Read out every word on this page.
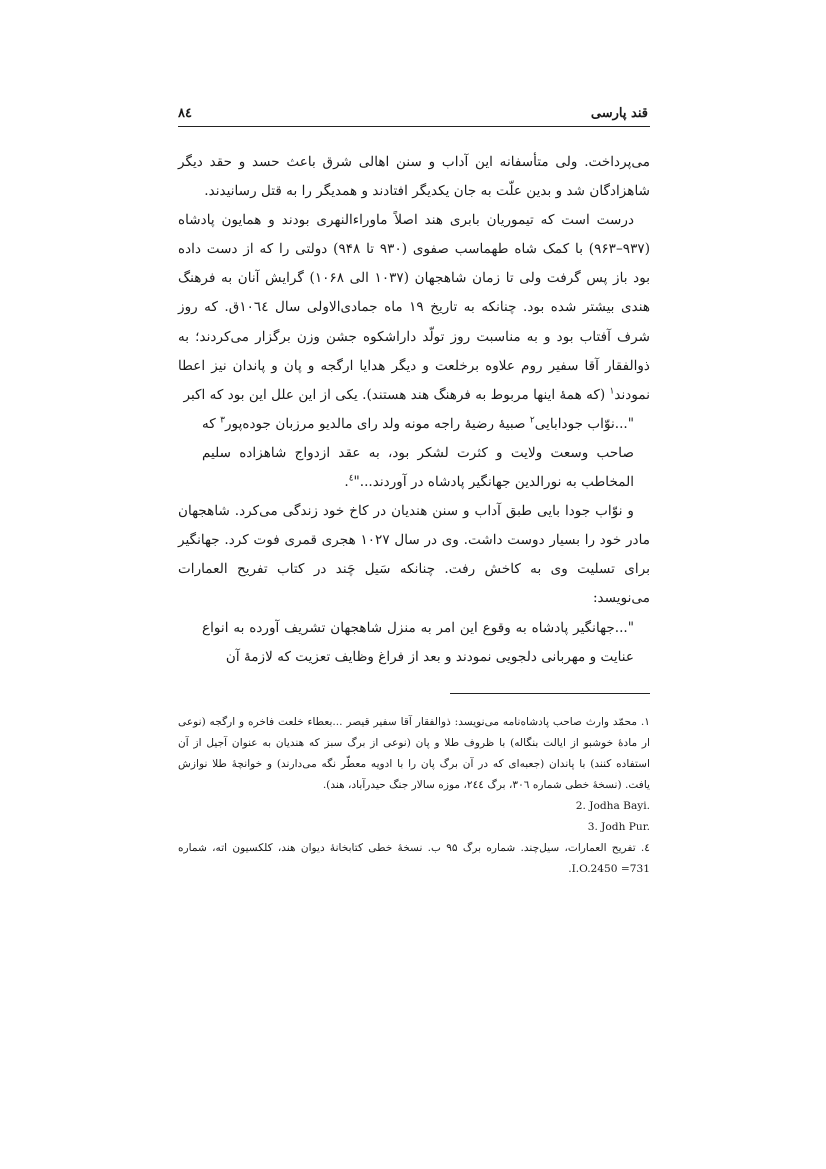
قند پارسی
۸٤

می‌پرداخت. ولی متأسفانه این آداب و سنن اهالی شرق باعث حسد و حقد دیگر شاهزادگان شد و بدین علّت به جان یکدیگر افتادند و همدیگر را به قتل رسانیدند.

درست است که تیموریان بابری هند اصلاً ماوراءالنهری بودند و همایون پادشاه (۹۳۷–۹۶۳) با کمک شاه طهماسب صفوی (۹۳۰ تا ۹۴۸) دولتی را که از دست داده بود باز پس گرفت ولی تا زمان شاهجهان (۱۰۳۷ الی ۱۰۶۸) گرایش آنان به فرهنگ هندی بیشتر شده بود. چنانکه به تاریخ ۱۹ ماه جمادی‌الاولی سال ۱۰٦٤ق. که روز شرف آفتاب بود و به مناسبت روز تولّد داراشکوه جشن وزن برگزار می‌کردند؛ به ذوالفقار آقا سفیر روم علاوه برخلعت و دیگر هدایا ارگجه و پان و پاندان نیز اعطا نمودند$^۱$ (که همهٔ اینها مربوط به فرهنگ هند هستند). یکی از این علل این بود که اکبر

"...نوّاب جودابایی$^۲$ صبیهٔ رضیهٔ راجه مونه ولد رای مالدیو مرزبان جوده‌پور$^۳$ که صاحب وسعت ولایت و کثرت لشکر بود، به عقد ازدواج شاهزاده سلیم المخاطب به نورالدین جهانگیر پادشاه در آوردند..."$^٤$.

و نوّاب جودا بایی طبق آداب و سنن هندیان در کاخ خود زندگی می‌کرد. شاهجهان مادر خود را بسیار دوست داشت. وی در سال ۱۰۲۷ هجری قمری فوت کرد. جهانگیر برای تسلیت وی به کاخش رفت. چنانکه سَیل چَند در کتاب تفریح العمارات می‌نویسد:

"...جهانگیر پادشاه به وقوع این امر به منزل شاهجهان تشریف آورده به انواع عنایت و مهربانی دلجویی نمودند و بعد از فراغ وظایف تعزیت که لازمهٔ آن

۱. محمّد وارث صاحب پادشاه‌نامه می‌نویسد: ذوالفقار آقا سفیر قیصر ...بعطاء خلعت فاخره و ارگجه (نوعی ار مادهٔ خوشبو از ایالت بنگاله) با ظروف طلا و پان (نوعی از برگ سبز که هندیان به عنوان آجیل از آن استفاده کنند) با پاندان (جعبه‌ای که در آن برگ پان را با ادویه معطّر نگه می‌دارند) و خوانچهٔ طلا نوازش یافت. (نسخهٔ خطی شماره ۳۰٦، برگ ۲٤٤، موزه سالار جنگ حیدرآباد، هند).

2. Jodha Bayi.

3. Jodh Pur.

٤. تفریح العمارات، سیل‌چند. شماره برگ ۹۵ ب. نسخهٔ خطی کتابخانهٔ دیوان هند، کلکسیون اته، شماره I.O.2450 =731.
